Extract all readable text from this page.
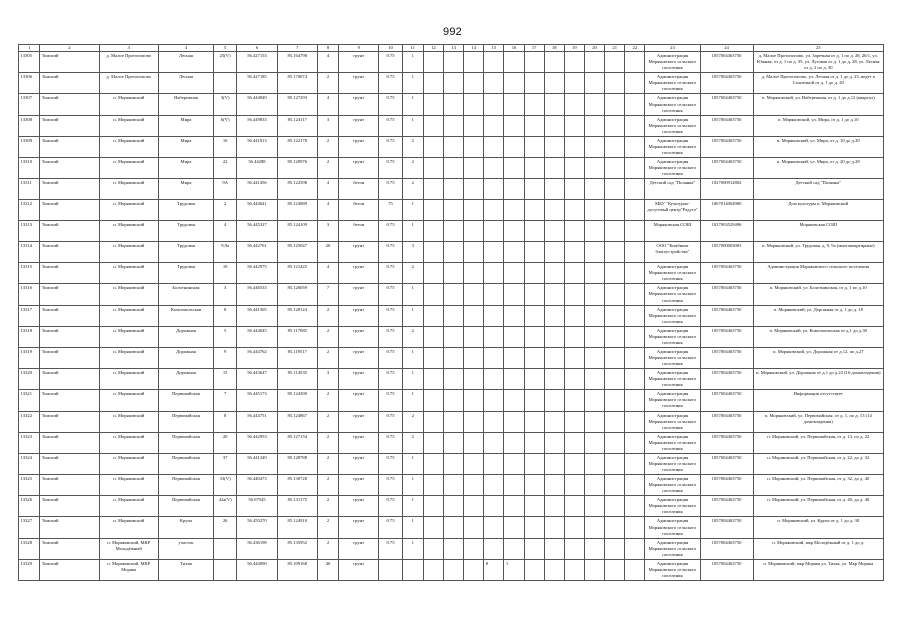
992
1	2	3	4	5	6	7	8	9	10	11	12	13	14	15	16	17	18	19	20	21	22	23	24	25
13305	Томский	д. Малое Протопопово	Лесная	25(V)	56.427153	85.164798	4	грунт	0.75	1												Администрация Моряковского сельского поселения	1057004463750	д. Малое Протопопово, ул. Заречная от д. 1 по д. 28, 26/1, ул. Южная, от д. 1 по д. 35, ул. Луговая от д. 1 до д. 28, ул. Лесная от д. 2 по д. 30
13306	Томский	д. Малое Протопопово	Лесная		56.427185	85.170074	2	грунт	0.75	1												Администрация Моряковского сельского поселения	1057004463750	д. Малое Протопопово, ул. Лесная от д. 1 до д. 25, ведет к Солнечной от д. 1 до д. 20
13307	Томский	п. Моряковский	Набережная	3(V)	56.444949	85.127293	4	грунт	0.75	1												Администрация Моряковского сельского поселения	1057004463750	п. Моряковский, ул. Набережная, от д. 1 до д.12 (квартал)
13308	Томский	п. Моряковский	Мира	6(V)	56.449833	85.124117	3	грунт	0.75	1												Администрация Моряковского сельского поселения	1057004463750	п. Моряковский, ул. Мира, от д. 1 до д.10
13309	Томский	п. Моряковский	Мира	16	56.441813	85.122178	2	грунт	0.75	2												Администрация Моряковского сельского поселения	1057004463750	п. Моряковский, ул. Мира, от д. 10 до д.20
13310	Томский	п. Моряковский	Мира	22	56.44288	85.120976	2	грунт	0.75	2												Администрация Моряковского сельского поселения	1057004463750	п. Моряковский, ул. Мира, от д. 20 до д.28
13311	Томский	п. Моряковский	Мира	9А	56.441456	85.122598	4	бетон	0.75	2												Детский сад "Полянка"	1027000912802	Детский сад "Полянка"
13312	Томский	п. Моряковский	Трудовая	2	56.444641	85.123889	4	бетон	75	1												МБУ "Культурно-досуговый центр"Радуга"	1067014004980	Дом культуры п. Моряковский
13313	Томский	п. Моряковский	Трудовая	4	56.445327	85.124109	3	бетон	0.75	1												Моряковская СОШ	1027003529496	Моряковская СОШ
13314	Томский	п. Моряковский	Трудовая	9,9а	56.442761	85.125047	20	грунт	0.75	3												ООО "Комбинат благоустройства"	1057000003083	п. Моряковский, ул. Трудовая, д. 9, 9а (многоквартирные)
13315	Томский	п. Моряковский	Трудовая	10	56.442975	85.121425	4	грунт	0.75	2												Администрация Моряковского сельского поселения	1057004463750	Администрация Моряковского сельского поселения
13316	Томский	п. Моряковский	Болотнинская	3	56.446533	85.126059	7	грунт	0.75	1												Администрация Моряковского сельского поселения	1057004463750	п. Моряковский, ул. Болотнинская, от д. 1 по д.10
13317	Томский	п. Моряковский	Комсомольская	8	56.441305	85.128124	2	грунт	0.75	1												Администрация Моряковского сельского поселения	1057004463750	п. Моряковский, ул. Дорожная от д. 1 до д. 18
13318	Томский	п. Моряковский	Дорожная	5	56.444045	85.117085	2	грунт	0.75	2												Администрация Моряковского сельского поселения	1057004463750	п. Моряковский, ул. Комсомольская от д.1 до д.30
13319	Томский	п. Моряковский	Дорожная	9	56.444762	85.119517	2	грунт	0.75	1												Администрация Моряковского сельского поселения	1057004463750	п. Моряковский, ул. Дорожная от д.12. по д.27
13320	Томский	п. Моряковский	Дорожная	15	56.443647	85.114535	3	грунт	0.75	1												Администрация Моряковского сельского поселения	1057004463750	п. Моряковский, ул. Дорожная от д.1 до д.22 (16 домовладения)
13321	Томский	п. Моряковский	Первомайская	7	56.445173	85.124390	2	грунт	0.75	1												Администрация Моряковского сельского поселения	1057004463750	Информация отсутствует
13322	Томский	п. Моряковский	Первомайская	8	56.444751	85.124867	2	грунт	0.75	2												Администрация Моряковского сельского поселения	1057004463750	п. Моряковский, ул. Первомайская, от д. 1, по д. 13 (14 домовладения)
13323	Томский	п. Моряковский	Первомайская	20	56.442953	85.127154	2	грунт	0.75	2												Администрация Моряковского сельского поселения	1057004463750	п. Моряковский, ул. Первомайская, от д. 13, по д. 22
13324	Томский	п. Моряковский	Первомайская	37	56.441349	85.128788	2	грунт	0.75	1												Администрация Моряковского сельского поселения	1057004463750	п. Моряковский, ул. Первомайская, от д. 22, до д. 32
13325	Томский	п. Моряковский	Первомайская	33(V)	56.440473	85.130728	2	грунт	0.75	1												Администрация Моряковского сельского поселения	1057004463750	п. Моряковский, ул. Первомайская, от д. 32, до д. 40
13326	Томский	п. Моряковский	Первомайская	42а(V)	56.07945	85.131175	2	грунт	0.75	1												Администрация Моряковского сельского поселения	1057004463750	п. Моряковский, ул. Первомайская, от д. 40, до д. 48
13327	Томский	п. Моряковский	Крупа	26	56.455270	85.124910	2	грунт	0.75	1												Администрация Моряковского сельского поселения	1057004463750	п. Моряковский, ул. Крупа от д. 1 до д. 30
13328	Томский	п. Моряковский, МКР Молодёжный	участок		56.436198	85.135952	2	грунт	0.75	1												Администрация Моряковского сельского поселения	1057004463750	п. Моряковский, мкр Молодёжный от д. 1 до д.
13329	Томский	п. Моряковский, МКР Моряка	Тихая		56.444090	85.109168	40	грунт						8	1							Администрация Моряковского сельского поселения	1057004463750	п. Моряковский, мкр Моряка ул. Тихая, ул. Мкр Моряка
